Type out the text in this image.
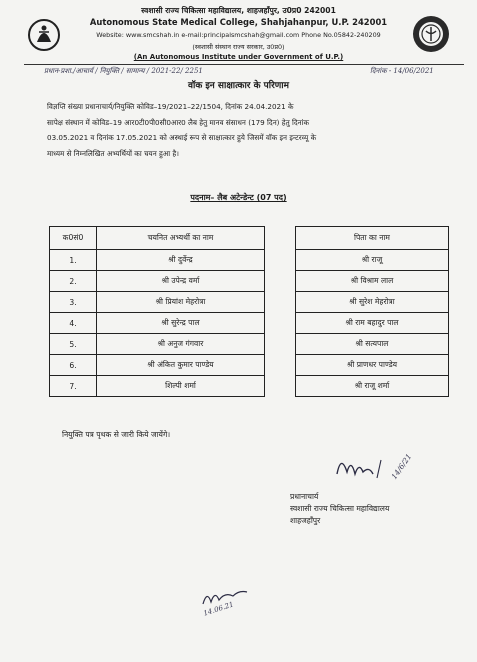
स्वशासी राज्य चिकित्सा महाविद्यालय, शाहजहाँपुर, उ0प्र0 242001
Autonomous State Medical College, Shahjahanpur, U.P. 242001
Website: www.smcshah.in e-mail:principalsmcshah@gmail.com Phone No.05842-240209
(स्वशासी संस्थान राज्य सरकार, उ0प्र0)
(An Autonomous Institute under Government of U.P.)
प्रधान-प्रशा./आचार्य / नियुक्ति / सामान्य / 2021-22/ 2251	दिनांक - 14/06/2021
वॉक इन साक्षात्कार के परिणाम
विज्ञप्ति संख्या प्रधानाचार्य/नियुक्ति कोविड–19/2021–22/1504, दिनांक 24.04.2021 के
सापेक्ष संस्थान में कोविड–19 आर0टी0पी0सी0आर0 लैब हेतु मानव संसाधन (179 दिन) हेतु दिनांक
03.05.2021 व दिनांक 17.05.2021 को अस्थाई रूप से साक्षात्कार हुये जिसमें वॉक इन इन्टरव्यू के
माध्यम से निम्नलिखित अभ्यर्थियों का चयन हुआ है।
पदनाम– लैब अटेन्डेन्ट (07 पद)
क0सं0	चयनित अभ्यर्थी का नाम		पिता का नाम
1.	श्री दुर्वेन्द्र		श्री राजू
2.	श्री उपेन्द्र वर्मा		श्री विश्राम लाल
3.	श्री प्रियांश मेहरोत्रा		श्री सुरेश मेहरोत्रा
4.	श्री सुरेन्द्र पाल		श्री राम बहादुर पाल
5.	श्री अनुज गंगवार		श्री सत्यपाल
6.	श्री अंकित कुमार पाण्डेय		श्री प्राणधर पाण्डेय
7.	शिल्पी शर्मा		श्री राजू शर्मा
नियुक्ति पत्र पृथक से जारी किये जायेंगे।
14/6/21
प्रधानाचार्य
स्वशासी राज्य चिकित्सा महाविद्यालय
शाहजहाँपुर
14.06.21
